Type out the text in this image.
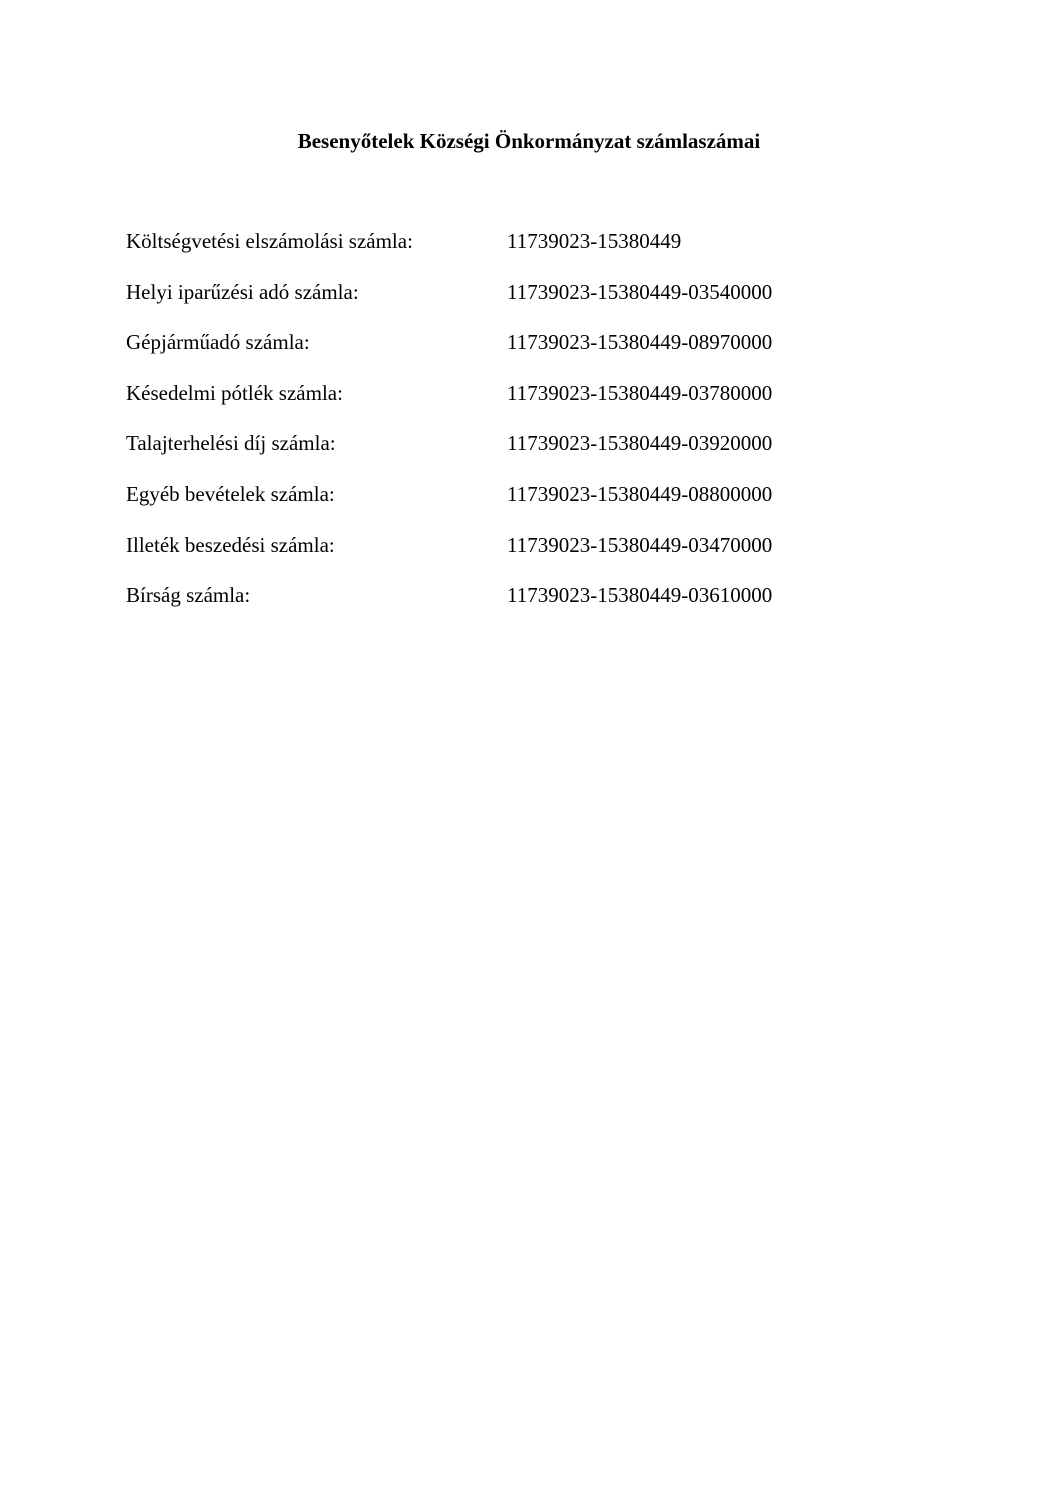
Besenyőtelek Községi Önkormányzat számlaszámai
Költségvetési elszámolási számla:	11739023-15380449
Helyi iparűzési adó számla:	11739023-15380449-03540000
Gépjárműadó számla:	11739023-15380449-08970000
Késedelmi pótlék számla:	11739023-15380449-03780000
Talajterhelési díj számla:	11739023-15380449-03920000
Egyéb bevételek számla:	11739023-15380449-08800000
Illeték beszedési számla:	11739023-15380449-03470000
Bírság számla:	11739023-15380449-03610000
